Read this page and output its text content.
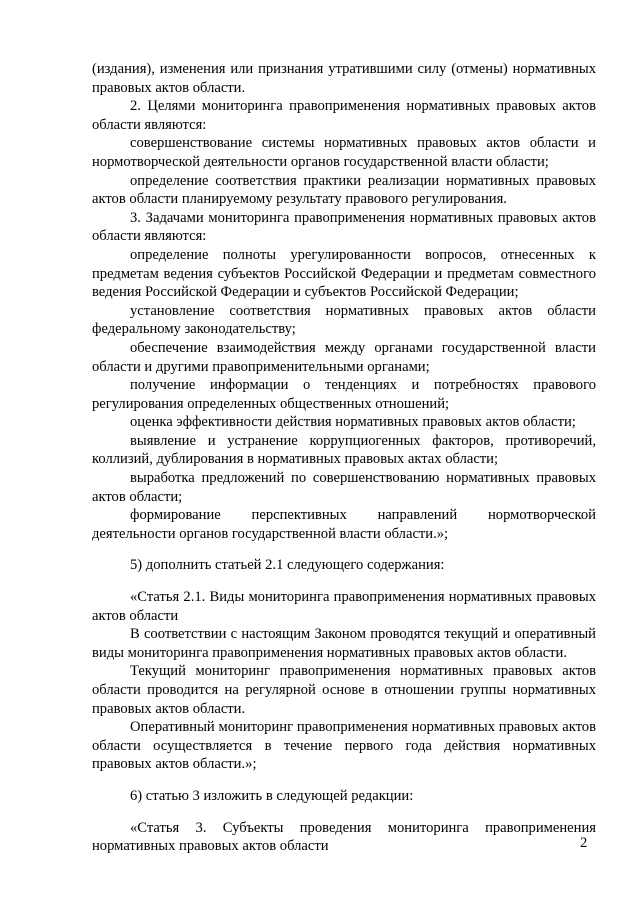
(издания), изменения или признания утратившими силу (отмены) нормативных правовых актов области.

2. Целями мониторинга правоприменения нормативных правовых актов области являются:

совершенствование системы нормативных правовых актов области и нормотворческой деятельности органов государственной власти области;

определение соответствия практики реализации нормативных правовых актов области планируемому результату правового регулирования.

3. Задачами мониторинга правоприменения нормативных правовых актов области являются:

определение полноты урегулированности вопросов, отнесенных к предметам ведения субъектов Российской Федерации и предметам совместного ведения Российской Федерации и субъектов Российской Федерации;

установление соответствия нормативных правовых актов области федеральному законодательству;

обеспечение взаимодействия между органами государственной власти области и другими правоприменительными органами;

получение информации о тенденциях и потребностях правового регулирования определенных общественных отношений;

оценка эффективности действия нормативных правовых актов области;

выявление и устранение коррупциогенных факторов, противоречий, коллизий, дублирования в нормативных правовых актах области;

выработка предложений по совершенствованию нормативных правовых актов области;

формирование перспективных направлений нормотворческой деятельности органов государственной власти области.»;

5) дополнить статьей 2.1 следующего содержания:

«Статья 2.1. Виды мониторинга правоприменения нормативных правовых актов области

В соответствии с настоящим Законом проводятся текущий и оперативный виды мониторинга правоприменения нормативных правовых актов области.

Текущий мониторинг правоприменения нормативных правовых актов области проводится на регулярной основе в отношении группы нормативных правовых актов области.

Оперативный мониторинг правоприменения нормативных правовых актов области осуществляется в течение первого года действия нормативных правовых актов области.»;

6) статью 3 изложить в следующей редакции:

«Статья 3. Субъекты проведения мониторинга правоприменения нормативных правовых актов области	2
